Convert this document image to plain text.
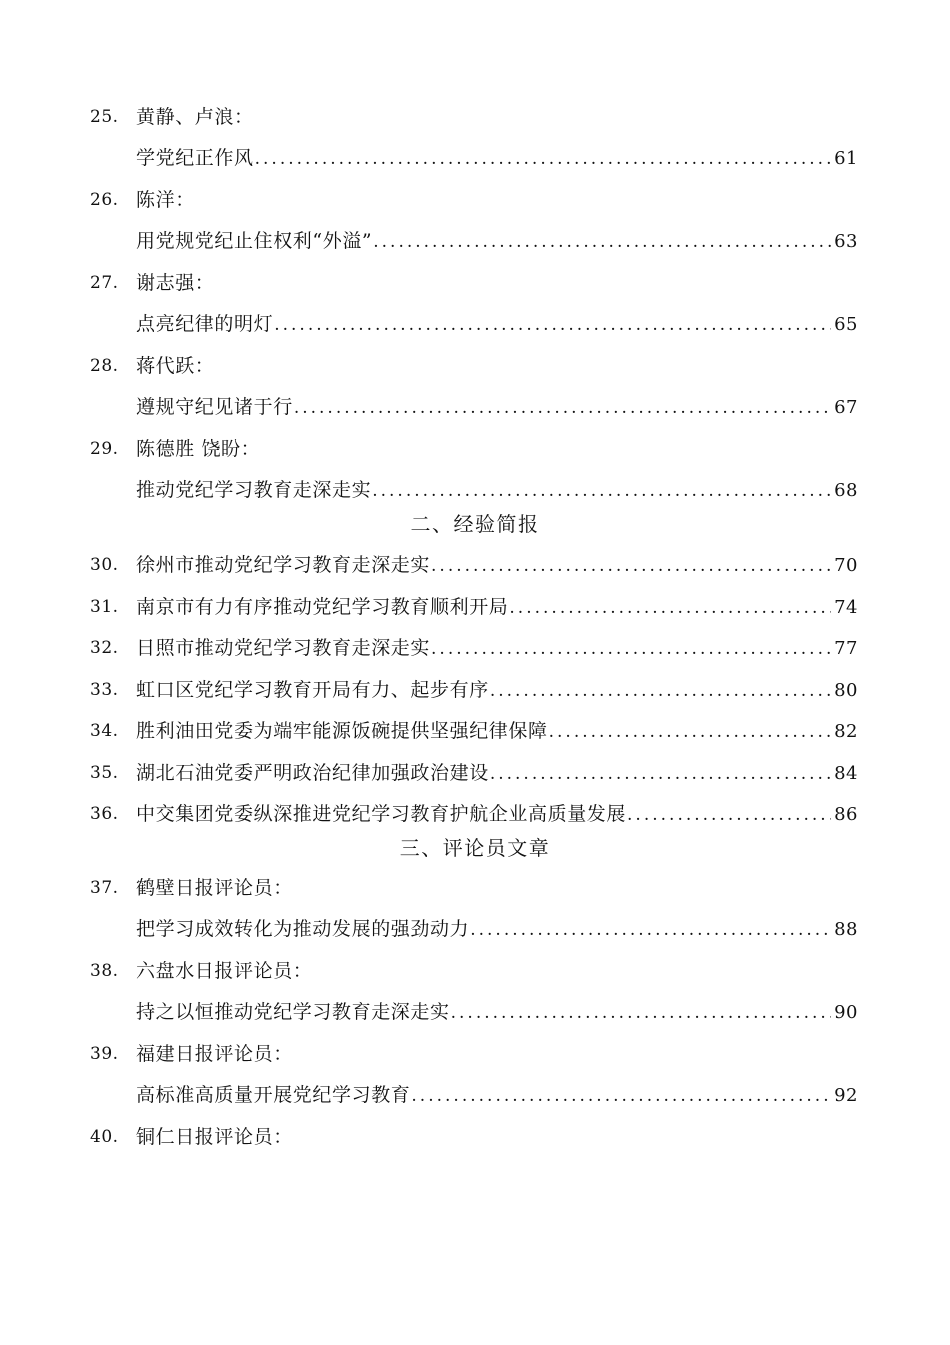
25. 黄静、卢浪：
学党纪正作风 .....	61
26. 陈洋：
用党规党纪止住权利“外溢” .....	63
27. 谢志强：
点亮纪律的明灯 .....	65
28. 蒋代跃：
遵规守纪见诸于行 .....	67
29. 陈德胜 饶盼：
推动党纪学习教育走深走实 .....	68
二、经验简报
30. 徐州市推动党纪学习教育走深走实 .....	70
31. 南京市有力有序推动党纪学习教育顺利开局 .....	74
32. 日照市推动党纪学习教育走深走实 .....	77
33. 虹口区党纪学习教育开局有力、起步有序 .....	80
34. 胜利油田党委为端牢能源饭碗提供坚强纪律保障 .....	82
35. 湖北石油党委严明政治纪律加强政治建设 .....	84
36. 中交集团党委纵深推进党纪学习教育护航企业高质量发展 .....	86
三、评论员文章
37. 鹤壁日报评论员：
把学习成效转化为推动发展的强劲动力 .....	88
38. 六盘水日报评论员：
持之以恒推动党纪学习教育走深走实 .....	90
39. 福建日报评论员：
高标准高质量开展党纪学习教育 .....	92
40. 铜仁日报评论员：
